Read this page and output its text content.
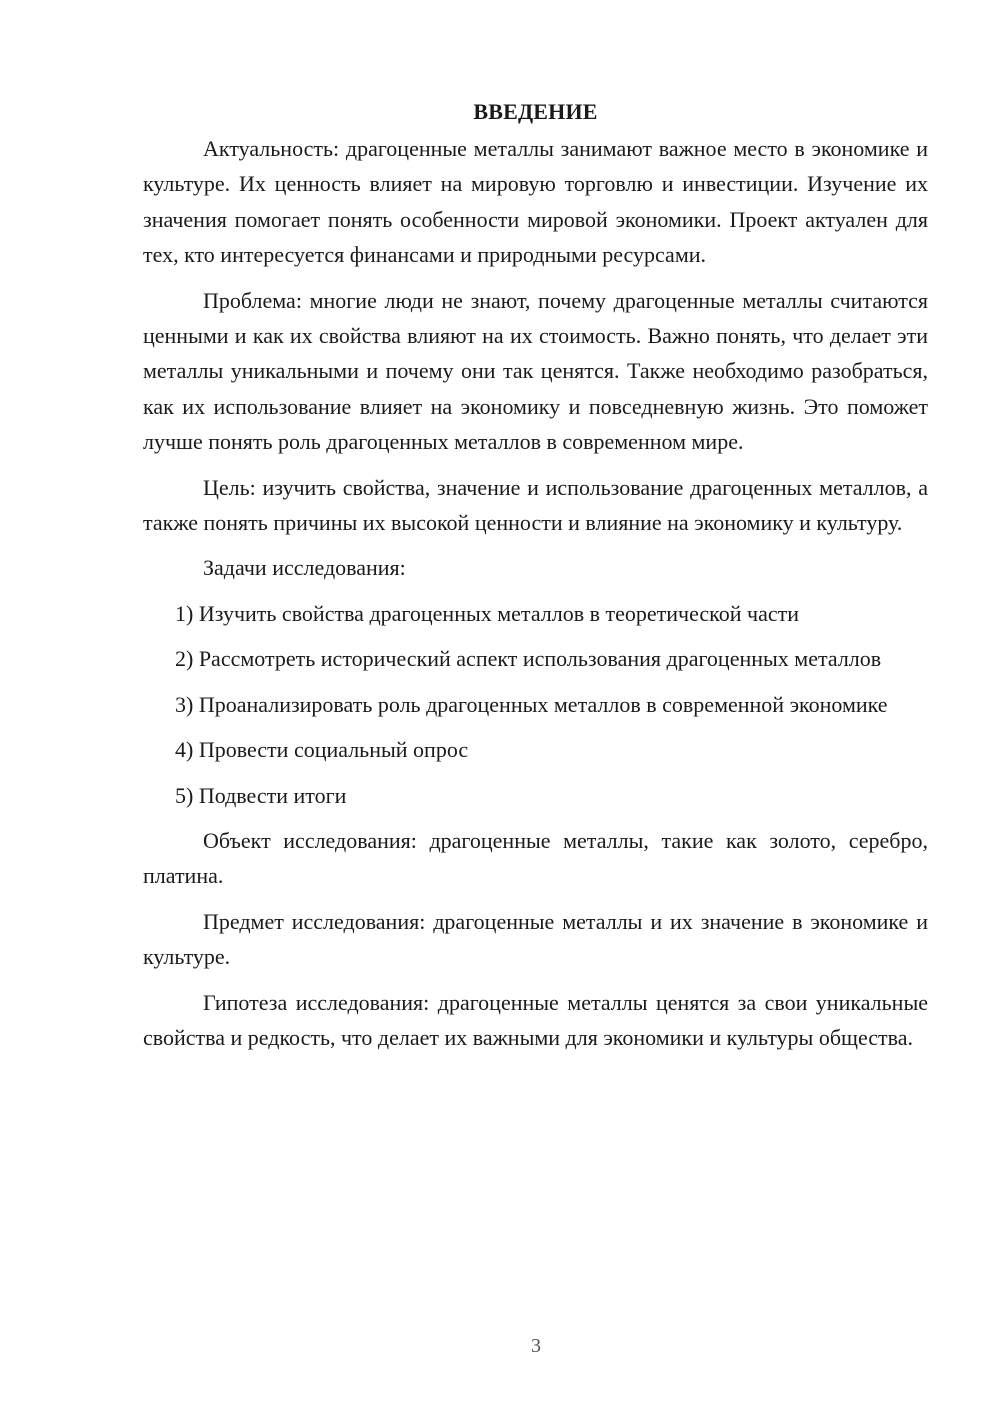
ВВЕДЕНИЕ

Актуальность: драгоценные металлы занимают важное место в экономике и культуре. Их ценность влияет на мировую торговлю и инвестиции. Изучение их значения помогает понять особенности мировой экономики. Проект актуален для тех, кто интересуется финансами и природными ресурсами.

Проблема: многие люди не знают, почему драгоценные металлы считаются ценными и как их свойства влияют на их стоимость. Важно понять, что делает эти металлы уникальными и почему они так ценятся. Также необходимо разобраться, как их использование влияет на экономику и повседневную жизнь. Это поможет лучше понять роль драгоценных металлов в современном мире.

Цель: изучить свойства, значение и использование драгоценных металлов, а также понять причины их высокой ценности и влияние на экономику и культуру.

Задачи исследования:

1) Изучить свойства драгоценных металлов в теоретической части

2) Рассмотреть исторический аспект использования драгоценных металлов

3) Проанализировать роль драгоценных металлов в современной экономике

4) Провести социальный опрос

5) Подвести итоги

Объект исследования: драгоценные металлы, такие как золото, серебро, платина.

Предмет исследования: драгоценные металлы и их значение в экономике и культуре.

Гипотеза исследования: драгоценные металлы ценятся за свои уникальные свойства и редкость, что делает их важными для экономики и культуры общества.

3
